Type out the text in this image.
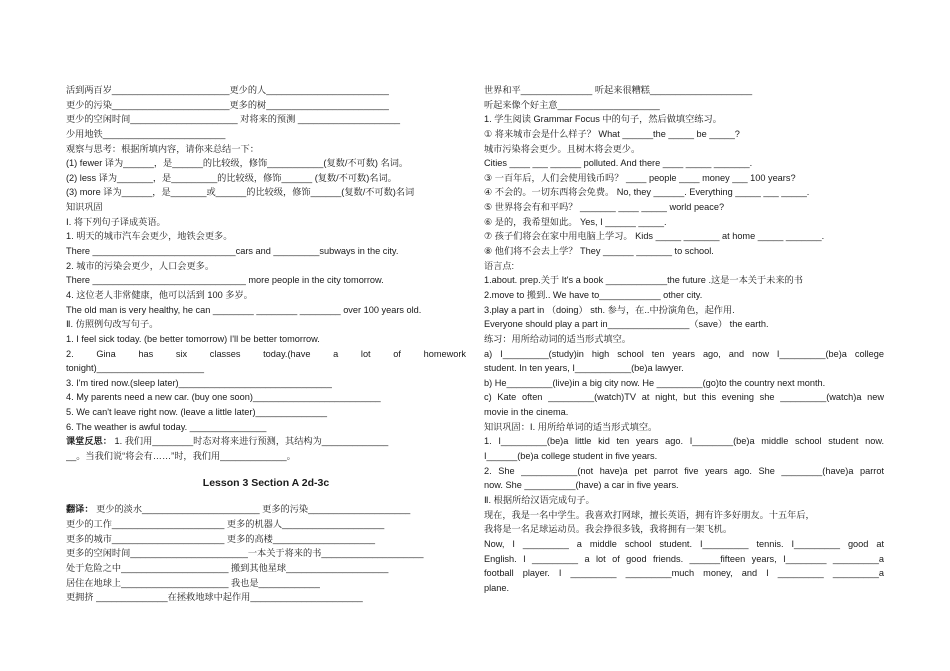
活到两百岁_______________________更少的人________________________
更少的污染_______________________更多的树________________________
更少的空闲时间_____________________ 对将来的预测 ____________________
少用地铁________________________
观察与思考：根据所填内容，请你来总结一下：
(1) fewer 译为______，是______的比较级，修饰___________(复数/不可数) 名词。
(2) less 译为_______，是_________的比较级，修饰______ (复数/不可数)名词。
(3) more 译为______，是_______或______的比较级，修饰______(复数/不可数)名词
知识巩固
Ⅰ. 将下列句子译成英语。
1. 明天的城市汽车会更少，地铁会更多。
There ____________________________cars and _________subways in the city.
2. 城市的污染会更少，人口会更多。
There ______________________________ more people in the city tomorrow.
4. 这位老人非常健康，他可以活到 100 多岁。
The old man is very healthy, he can ________ ________ ________ over 100 years old.
Ⅱ. 仿照例句改写句子。
1. I feel sick today. (be better tomorrow) I'll be better tomorrow.
2. Gina has six classes today.(have a lot of homework
tonight)_____________________
3. I'm tired now.(sleep later)______________________________
4. My parents need a new car. (buy one soon)_________________________
5. We can't leave right now. (leave a little later)______________
6. The weather is awful today. _______________
课堂反思： 1. 我们用________时态对将来进行预测，其结构为_____________
__。当我们说“将会有……”时，我们用_____________。
Lesson 3 Section A 2d-3c
翻译： 更少的淡水_______________________ 更多的污染____________________
更少的工作______________________ 更多的机器人____________________
更多的城市______________________ 更多的高楼____________________
更多的空闲时间_______________________一本关于将来的书____________________
处于危险之中_____________________ 搬到其他星球____________________
居住在地球上_____________________ 我也是____________
更拥挤 ______________在拯救地球中起作用______________________
世界和平______________ 听起来很糟糕____________________
听起来像个好主意____________________
1. 学生阅读 Grammar Focus 中的句子，然后做填空练习。
① 将来城市会是什么样子？ What ______the _____ be _____?
城市污染将会更少。且树木将会更少。
Cities ____ ___ ______ polluted. And there ____ _____ _______.
③ 一百年后，人们会使用钱币吗？ ____ people ____ money ___ 100 years?
④ 不会的。一切东西将会免费。 No, they ______. Everything _____ ___ _____.
⑤ 世界将会有和平吗？ _______ ____ _____ world peace?
⑥ 是的，我希望如此。 Yes, I ______ _____.
⑦ 孩子们将会在家中用电脑上学习。 Kids _____ _______ at home _____ _______.
⑧ 他们将不会去上学？ They ______ _______ to school.
语言点:
1.about. prep.关于 It's a book ____________the future .这是一本关于未来的书
2.move to 搬到.. We have to____________ other city.
3.play a part in （doing） sth. 参与，在..中扮演角色，起作用.
Everyone should play a part in________________（save） the earth.
练习：用所给动词的适当形式填空。
a) I_________(study)in high school ten years ago, and now I_________(be)a college
student. In ten years, I___________(be)a lawyer.
b) He_________(live)in a big city now. He _________(go)to the country next month.
c) Kate often _________(watch)TV at night, but this evening she _________(watch)a new
movie in the cinema.
知识巩固：Ⅰ. 用所给单词的适当形式填空。
1. I_________(be)a little kid ten years ago. I________(be)a middle school student now.
I______(be)a college student in five years.
2. She ___________(not have)a pet parrot five years ago. She ________(have)a parrot
now. She __________(have) a car in five years.
Ⅱ. 根据所给汉语完成句子。
现在，我是一名中学生。我喜欢打网球，擅长英语，拥有许多好朋友。十五年后，
我将是一名足球运动员。我会挣很多钱，我将拥有一架飞机。
Now, I _________ a middle school student. I_________ tennis. I_________ good at
English. I _________ a lot of good friends. ______fifteen years, I________ _________a
football player. I _________ _________much money, and I _________ _________a
plane.
